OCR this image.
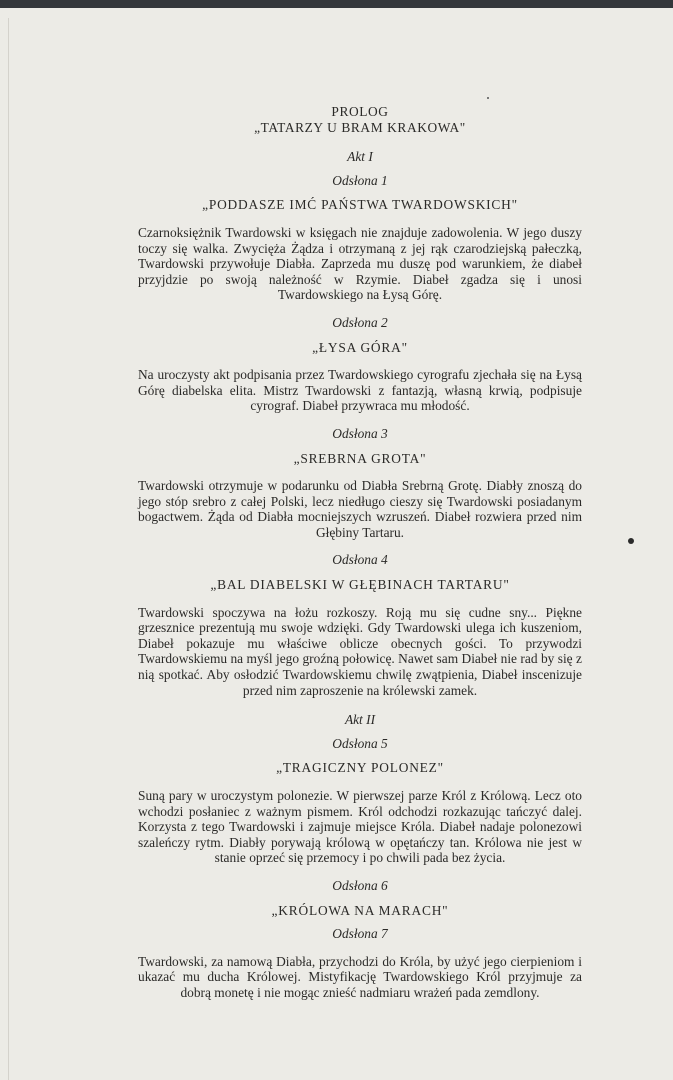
PROLOG
„TATARZY U BRAM KRAKOWA"
Akt I
Odsłona 1
„PODDASZE IMĆ PAŃSTWA TWARDOWSKICH"
Czarnoksiężnik Twardowski w księgach nie znajduje zadowolenia. W jego duszy toczy się walka. Zwycięża Żądza i otrzymaną z jej rąk czarodziejską pałeczką, Twardowski przywołuje Diabła. Zaprzeda mu duszę pod warunkiem, że diabeł przyjdzie po swoją należność w Rzymie. Diabeł zgadza się i unosi Twardowskiego na Łysą Górę.
Odsłona 2
„ŁYSA GÓRA"
Na uroczysty akt podpisania przez Twardowskiego cyrografu zjechała się na Łysą Górę diabelska elita. Mistrz Twardowski z fantazją, własną krwią, podpisuje cyrograf. Diabeł przywraca mu młodość.
Odsłona 3
„SREBRNA GROTA"
Twardowski otrzymuje w podarunku od Diabła Srebrną Grotę. Diabły znoszą do jego stóp srebro z całej Polski, lecz niedługo cieszy się Twardowski posiadanym bogactwem. Żąda od Diabła mocniejszych wzruszeń. Diabeł rozwiera przed nim Głębiny Tartaru.
Odsłona 4
„BAL DIABELSKI W GŁĘBINACH TARTARU"
Twardowski spoczywa na łożu rozkoszy. Roją mu się cudne sny... Piękne grzesznice prezentują mu swoje wdzięki. Gdy Twardowski ulega ich kuszeniom, Diabeł pokazuje mu właściwe oblicze obecnych gości. To przywodzi Twardowskiemu na myśl jego groźną połowicę. Nawet sam Diabeł nie rad by się z nią spotkać. Aby osłodzić Twardowskiemu chwilę zwątpienia, Diabeł inscenizuje przed nim zaproszenie na królewski zamek.
Akt II
Odsłona 5
„TRAGICZNY POLONEZ"
Suną pary w uroczystym polonezie. W pierwszej parze Król z Królową. Lecz oto wchodzi posłaniec z ważnym pismem. Król odchodzi rozkazując tańczyć dalej. Korzysta z tego Twardowski i zajmuje miejsce Króla. Diabeł nadaje polonezowi szaleńczy rytm. Diabły porywają królową w opętańczy tan. Królowa nie jest w stanie oprzeć się przemocy i po chwili pada bez życia.
Odsłona 6
„KRÓLOWA NA MARACH"
Odsłona 7
Twardowski, za namową Diabła, przychodzi do Króla, by użyć jego cierpieniom i ukazać mu ducha Królowej. Mistyfikację Twardowskiego Król przyjmuje za dobrą monetę i nie mogąc znieść nadmiaru wrażeń pada zemdlony.
